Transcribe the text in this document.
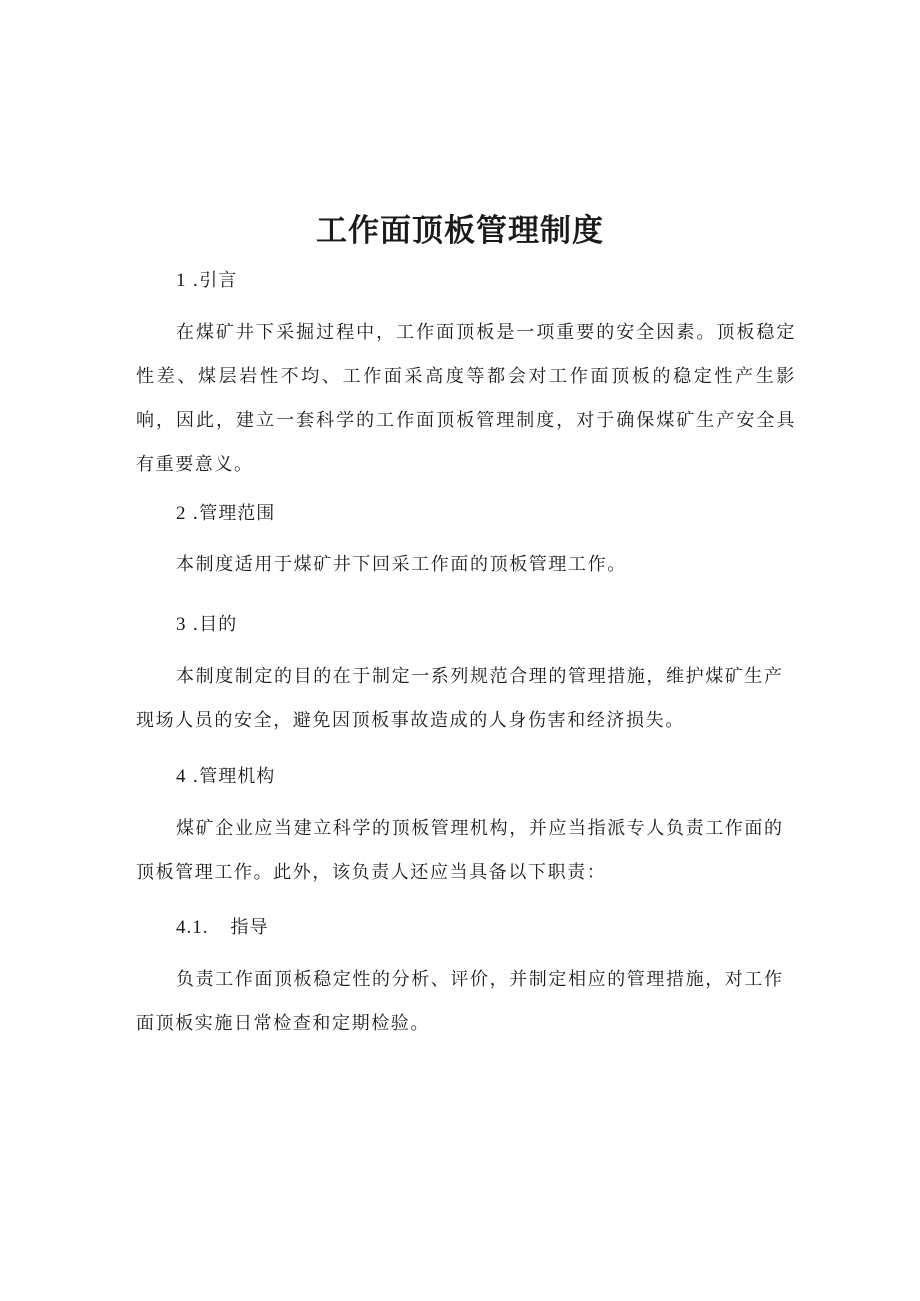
工作面顶板管理制度
1 .引言

在煤矿井下采掘过程中，工作面顶板是一项重要的安全因素。顶板稳定性差、煤层岩性不均、工作面采高度等都会对工作面顶板的稳定性产生影响，因此，建立一套科学的工作面顶板管理制度，对于确保煤矿生产安全具有重要意义。

2 .管理范围

本制度适用于煤矿井下回采工作面的顶板管理工作。

3 .目的

本制度制定的目的在于制定一系列规范合理的管理措施，维护煤矿生产现场人员的安全，避免因顶板事故造成的人身伤害和经济损失。

4 .管理机构

煤矿企业应当建立科学的顶板管理机构，并应当指派专人负责工作面的顶板管理工作。此外，该负责人还应当具备以下职责：

4.1. 指导

负责工作面顶板稳定性的分析、评价，并制定相应的管理措施，对工作面顶板实施日常检查和定期检验。
